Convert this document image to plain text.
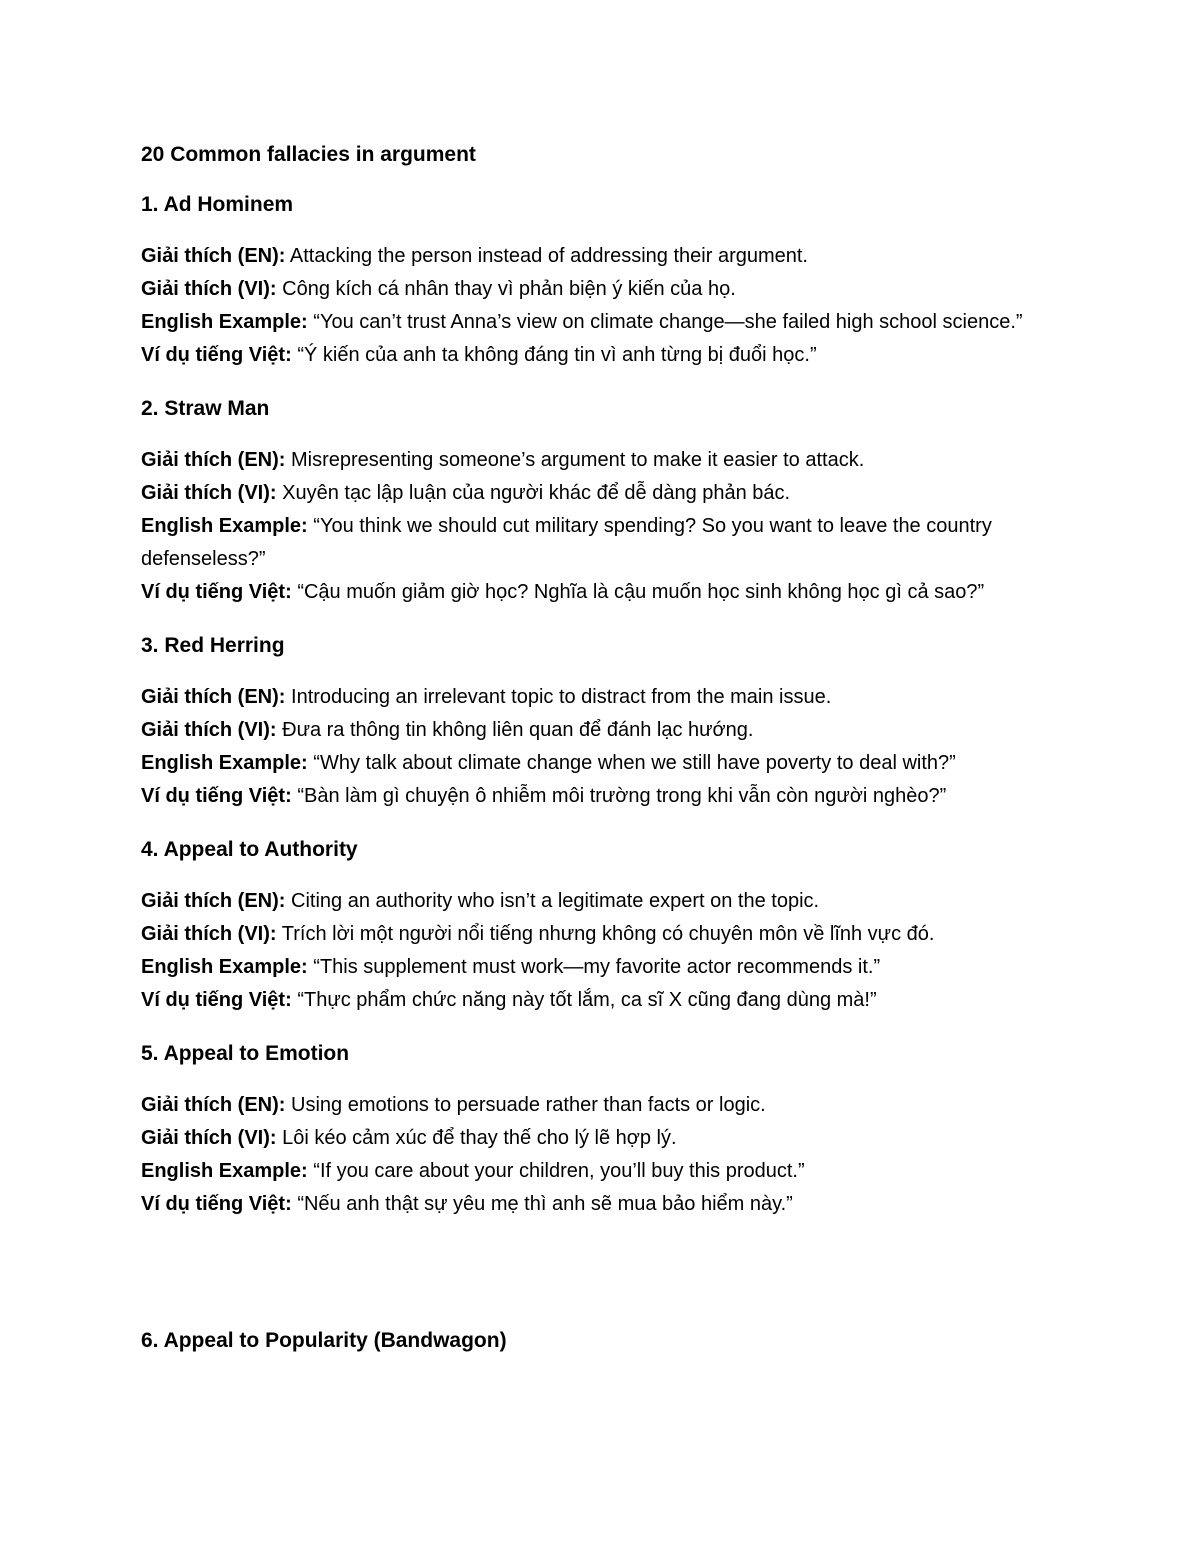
20 Common fallacies in argument
1. Ad Hominem

Giải thích (EN): Attacking the person instead of addressing their argument.

Giải thích (VI): Công kích cá nhân thay vì phản biện ý kiến của họ.

English Example: “You can’t trust Anna’s view on climate change—she failed high school science.”

Ví dụ tiếng Việt: “Ý kiến của anh ta không đáng tin vì anh từng bị đuổi học.”

2. Straw Man

Giải thích (EN): Misrepresenting someone’s argument to make it easier to attack.

Giải thích (VI): Xuyên tạc lập luận của người khác để dễ dàng phản bác.

English Example: “You think we should cut military spending? So you want to leave the country defenseless?”

Ví dụ tiếng Việt: “Cậu muốn giảm giờ học? Nghĩa là cậu muốn học sinh không học gì cả sao?”

3. Red Herring

Giải thích (EN): Introducing an irrelevant topic to distract from the main issue.

Giải thích (VI): Đưa ra thông tin không liên quan để đánh lạc hướng.

English Example: “Why talk about climate change when we still have poverty to deal with?”

Ví dụ tiếng Việt: “Bàn làm gì chuyện ô nhiễm môi trường trong khi vẫn còn người nghèo?”

4. Appeal to Authority

Giải thích (EN): Citing an authority who isn’t a legitimate expert on the topic.

Giải thích (VI): Trích lời một người nổi tiếng nhưng không có chuyên môn về lĩnh vực đó.

English Example: “This supplement must work—my favorite actor recommends it.”

Ví dụ tiếng Việt: “Thực phẩm chức năng này tốt lắm, ca sĩ X cũng đang dùng mà!”

5. Appeal to Emotion

Giải thích (EN): Using emotions to persuade rather than facts or logic.

Giải thích (VI): Lôi kéo cảm xúc để thay thế cho lý lẽ hợp lý.

English Example: “If you care about your children, you’ll buy this product.”

Ví dụ tiếng Việt: “Nếu anh thật sự yêu mẹ thì anh sẽ mua bảo hiểm này.”

6. Appeal to Popularity (Bandwagon)
